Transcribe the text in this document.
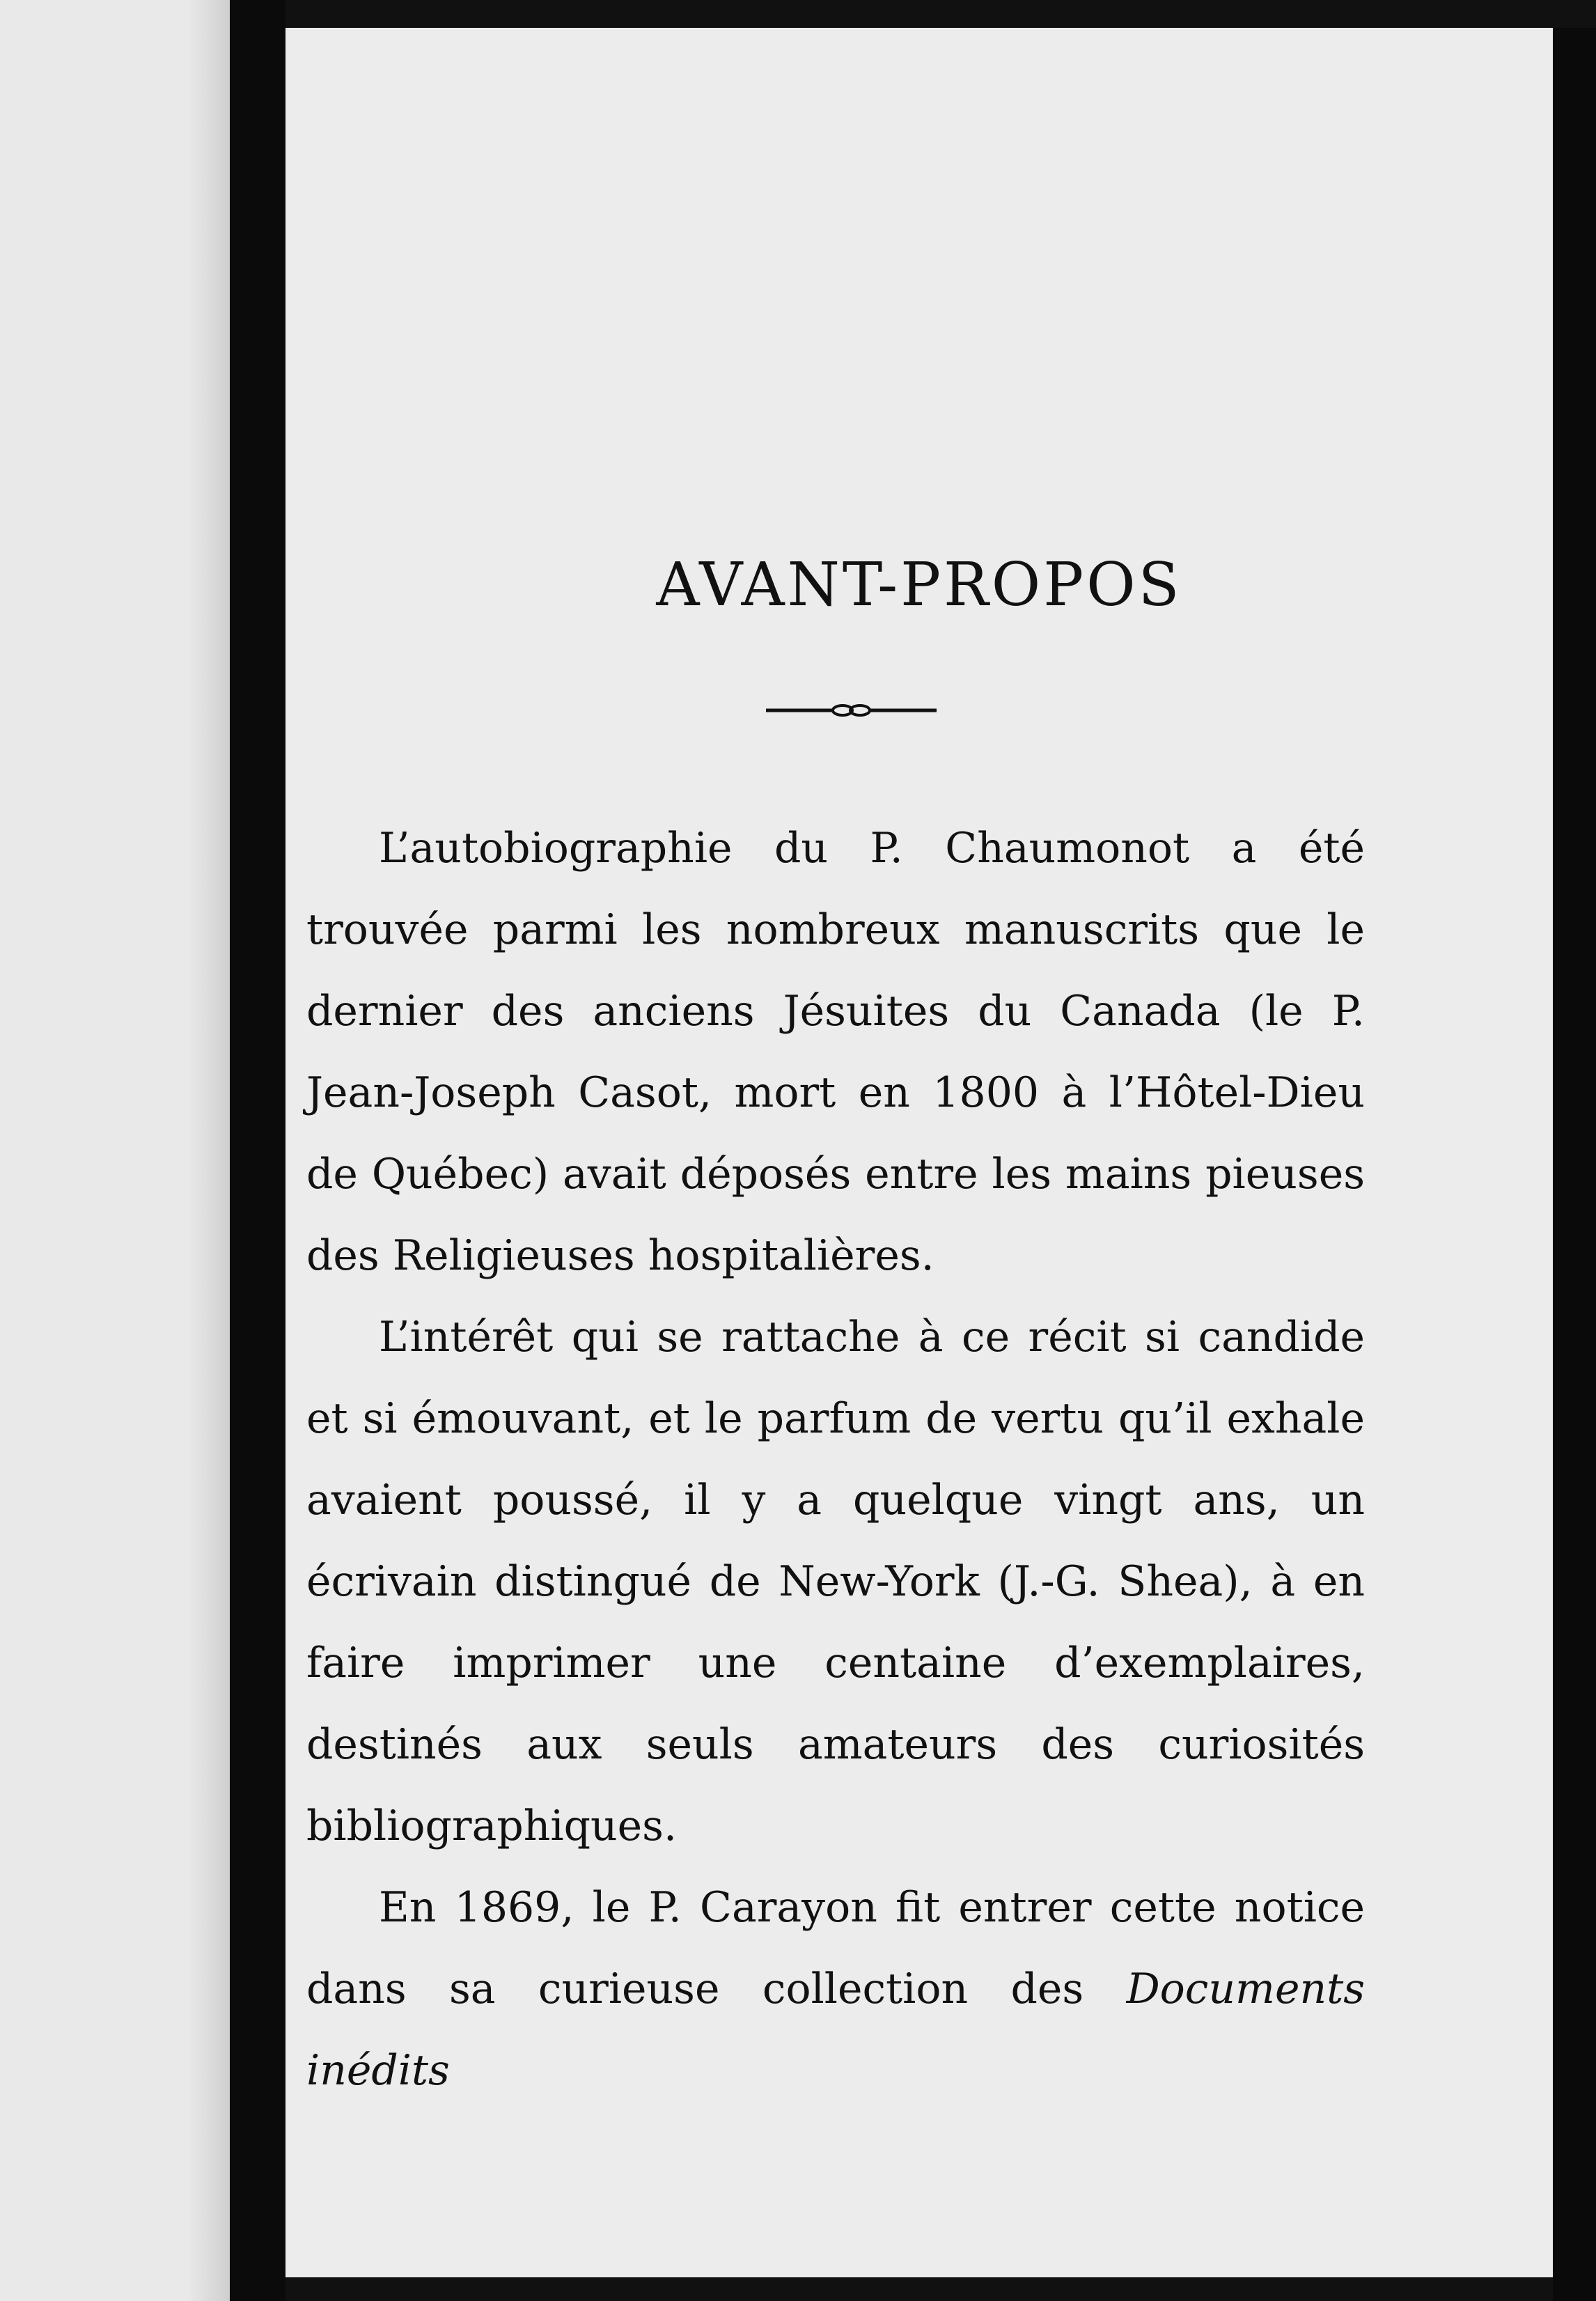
AVANT-PROPOS

L’autobiographie du P. Chaumonot a été trouvée parmi les nombreux manuscrits que le dernier des anciens Jésuites du Canada (le P. Jean-Joseph Casot, mort en 1800 à l’Hôtel-Dieu de Québec) avait déposés entre les mains pieuses des Religieuses hospitalières.

L’intérêt qui se rattache à ce récit si candide et si émouvant, et le parfum de vertu qu’il exhale avaient poussé, il y a quelque vingt ans, un écrivain distingué de New-York (J.-G. Shea), à en faire imprimer une centaine d’exemplaires, destinés aux seuls amateurs des curiosités bibliographiques.

En 1869, le P. Carayon fit entrer cette notice dans sa curieuse collection des Documents inédits
